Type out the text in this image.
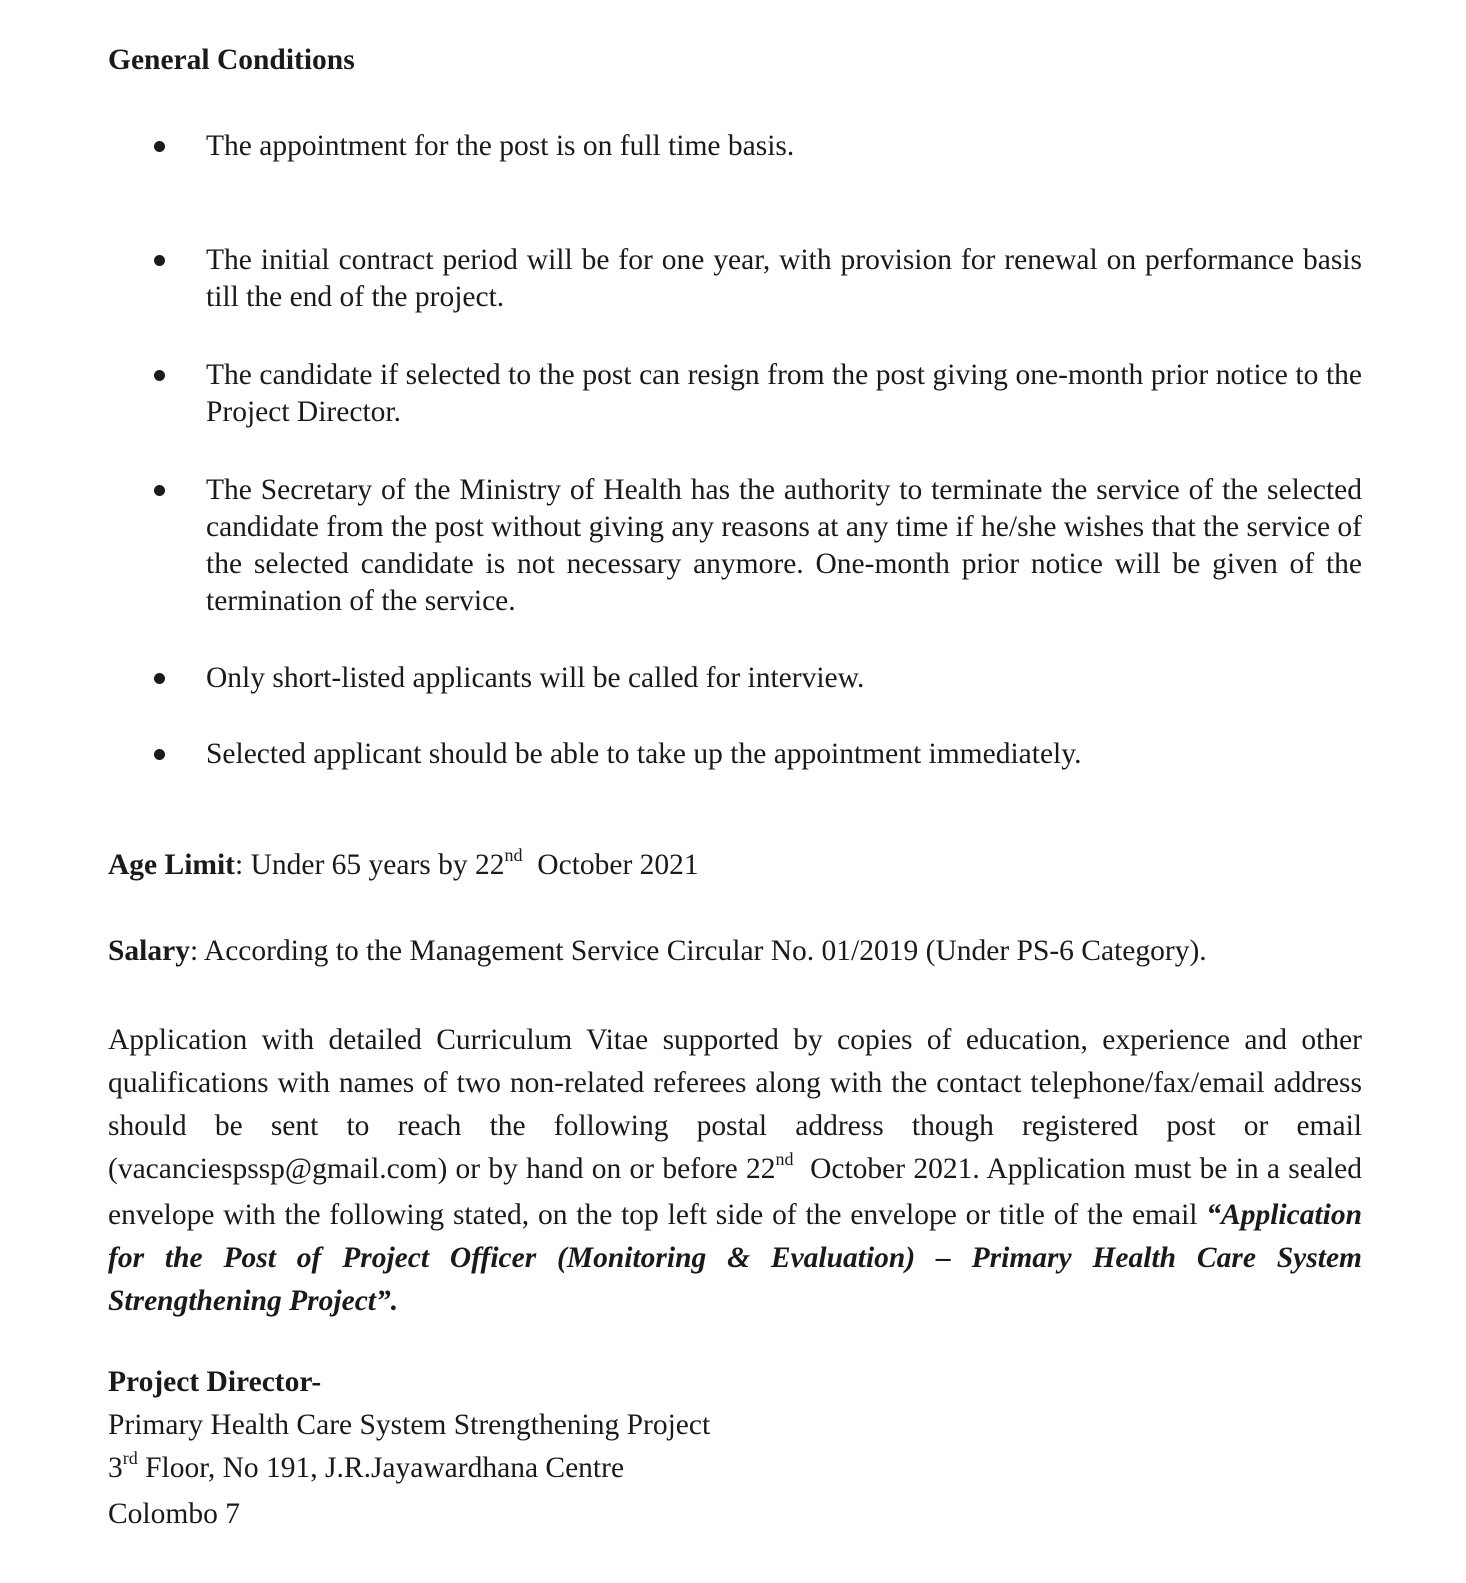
General Conditions
The appointment for the post is on full time basis.
The initial contract period will be for one year, with provision for renewal on performance basis till the end of the project.
The candidate if selected to the post can resign from the post giving one-month prior notice to the Project Director.
The Secretary of the Ministry of Health has the authority to terminate the service of the selected candidate from the post without giving any reasons at any time if he/she wishes that the service of the selected candidate is not necessary anymore. One-month prior notice will be given of the termination of the service.
Only short-listed applicants will be called for interview.
Selected applicant should be able to take up the appointment immediately.
Age Limit: Under 65 years by 22nd  October 2021
Salary: According to the Management Service Circular No. 01/2019 (Under PS-6 Category).
Application with detailed Curriculum Vitae supported by copies of education, experience and other qualifications with names of two non-related referees along with the contact telephone/fax/email address should be sent to reach the following postal address though registered post or email (vacanciespssp@gmail.com) or by hand on or before 22nd  October 2021. Application must be in a sealed envelope with the following stated, on the top left side of the envelope or title of the email “Application for the Post of Project Officer (Monitoring & Evaluation) – Primary Health Care System Strengthening Project”.
Project Director-
Primary Health Care System Strengthening Project
3rd Floor, No 191, J.R.Jayawardhana Centre
Colombo 7
